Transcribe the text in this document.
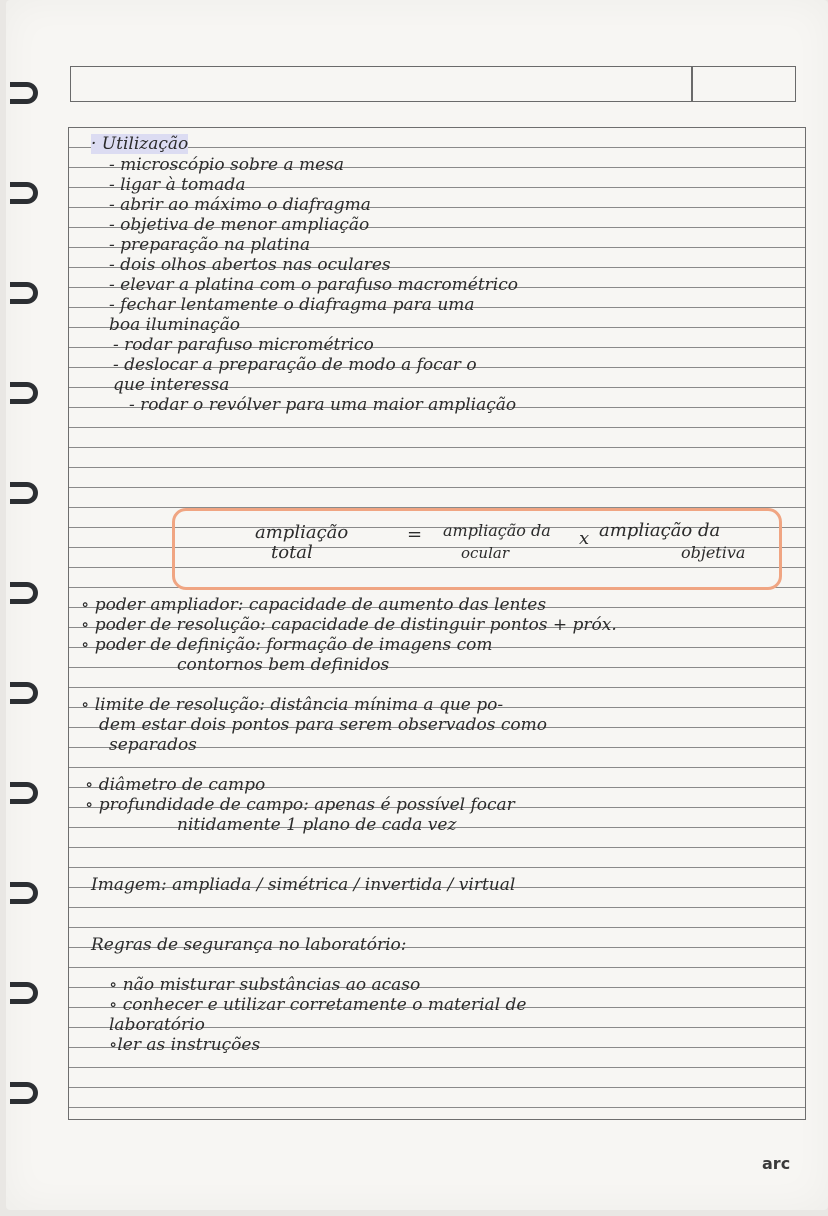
· Utilização
- microscópio sobre a mesa
- ligar à tomada
- abrir ao máximo o diafragma
- objetiva de menor ampliação
- preparação na platina
- dois olhos abertos nas oculares
- elevar a platina com o parafuso macrométrico
- fechar lentamente o diafragma para uma
boa iluminação
- rodar parafuso micrométrico
- deslocar a preparação de modo a focar o
que interessa
- rodar o revólver para uma maior ampliação
∘ poder ampliador: capacidade de aumento das lentes
∘ poder de resolução: capacidade de distinguir pontos + próx.
∘ poder de definição: formação de imagens com
contornos bem definidos
∘ limite de resolução: distância mínima a que po-
dem estar dois pontos para serem observados como
separados
∘ diâmetro de campo
∘ profundidade de campo: apenas é possível focar
nitidamente 1 plano de cada vez
Imagem: ampliada / simétrica / invertida / virtual
Regras de segurança no laboratório:
∘ não misturar substâncias ao acaso
∘ conhecer e utilizar corretamente o material de
laboratório
∘ler as instruções
ampliação
total
= ampliação da
ocular
x ampliação da
objetiva
arc
